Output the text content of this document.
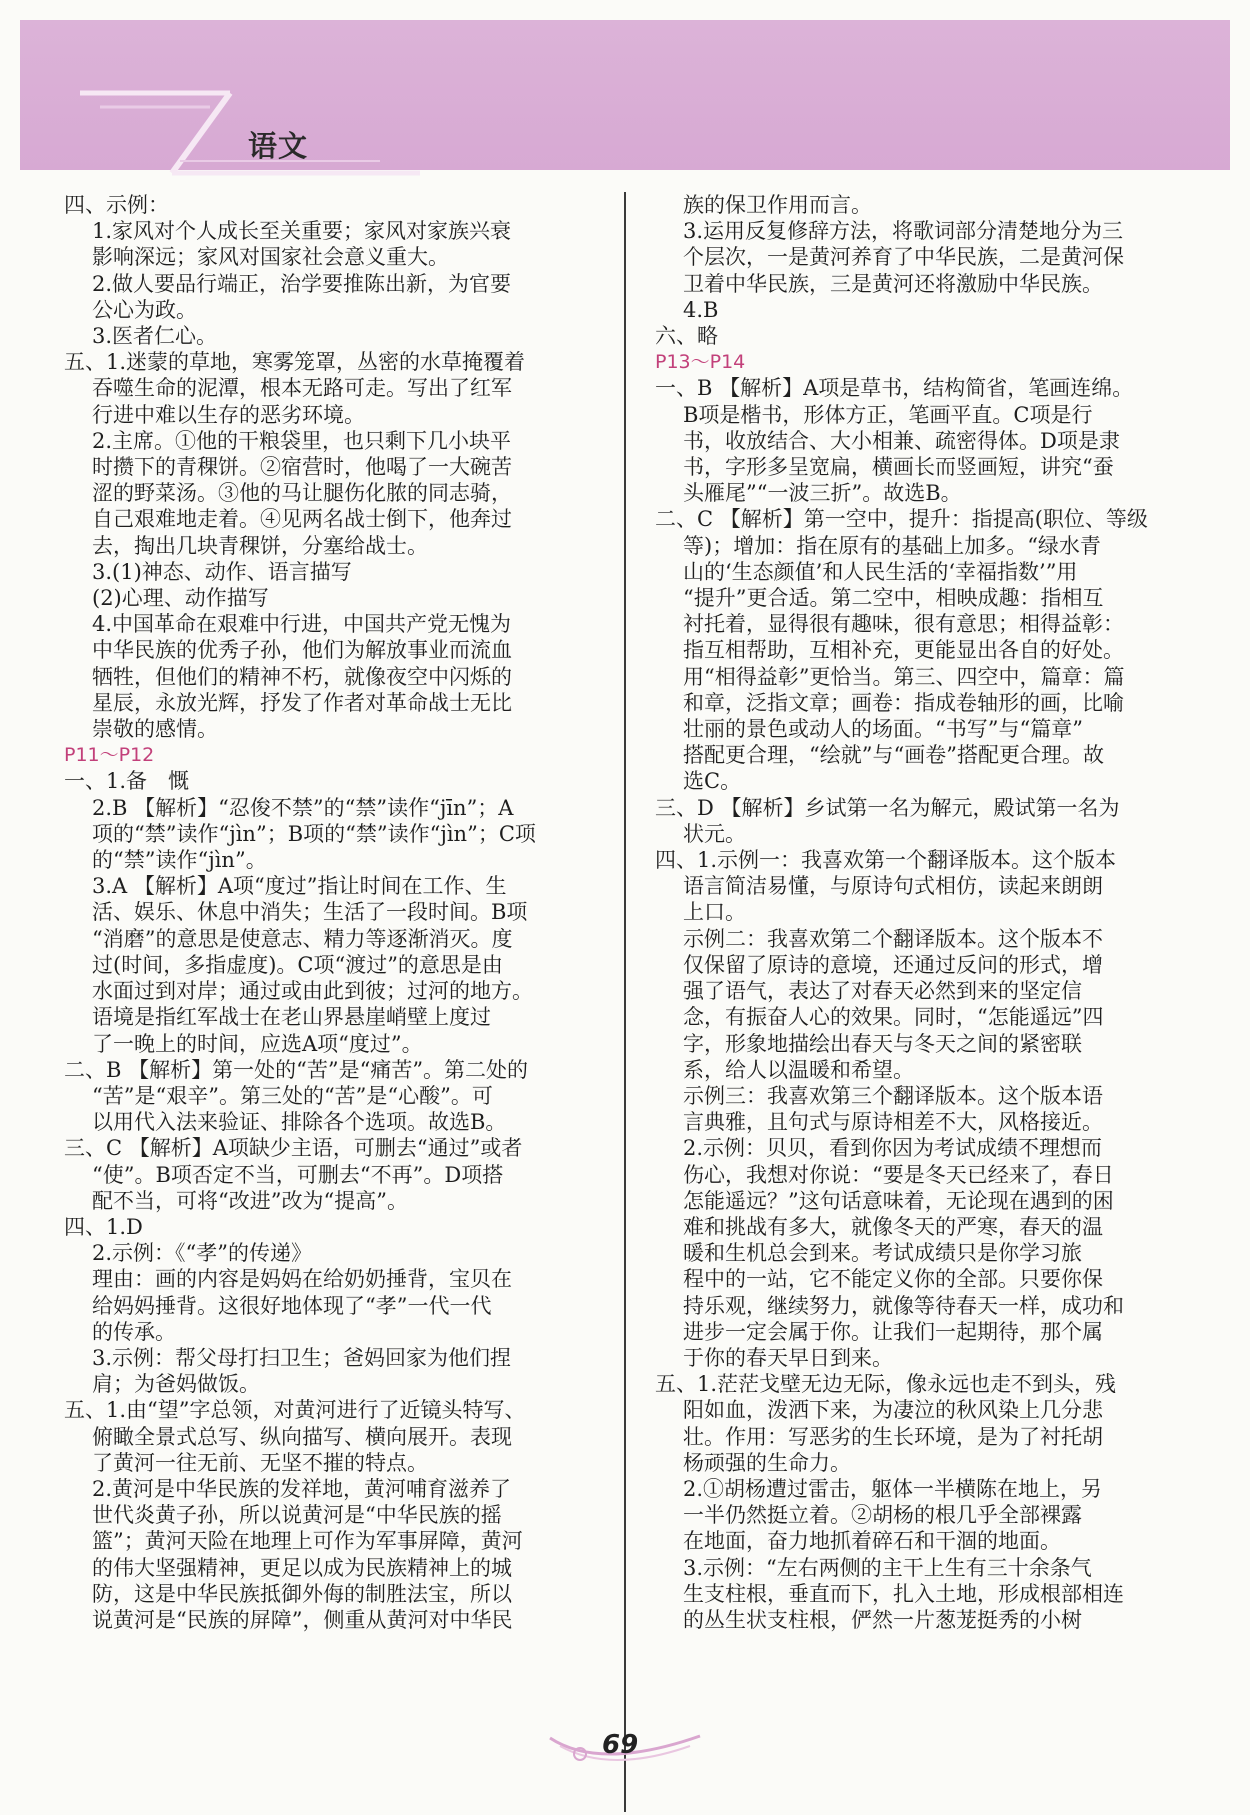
语文
四、示例：
1.家风对个人成长至关重要；家风对家族兴衰
影响深远；家风对国家社会意义重大。
2.做人要品行端正，治学要推陈出新，为官要
公心为政。
3.医者仁心。
五、1.迷蒙的草地，寒雾笼罩，丛密的水草掩覆着
吞噬生命的泥潭，根本无路可走。写出了红军
行进中难以生存的恶劣环境。
2.主席。①他的干粮袋里，也只剩下几小块平
时攒下的青稞饼。②宿营时，他喝了一大碗苦
涩的野菜汤。③他的马让腿伤化脓的同志骑，
自己艰难地走着。④见两名战士倒下，他奔过
去，掏出几块青稞饼，分塞给战士。
3.(1)神态、动作、语言描写
(2)心理、动作描写
4.中国革命在艰难中行进，中国共产党无愧为
中华民族的优秀子孙，他们为解放事业而流血
牺牲，但他们的精神不朽，就像夜空中闪烁的
星辰，永放光辉，抒发了作者对革命战士无比
崇敬的感情。
P11～P12
一、1.备　慨
2.B 【解析】“忍俊不禁”的“禁”读作“jīn”；A
项的“禁”读作“jìn”；B项的“禁”读作“jìn”；C项
的“禁”读作“jìn”。
3.A 【解析】A项“度过”指让时间在工作、生
活、娱乐、休息中消失；生活了一段时间。B项
“消磨”的意思是使意志、精力等逐渐消灭。度
过(时间，多指虚度)。C项“渡过”的意思是由
水面过到对岸；通过或由此到彼；过河的地方。
语境是指红军战士在老山界悬崖峭壁上度过
了一晚上的时间，应选A项“度过”。
二、B 【解析】第一处的“苦”是“痛苦”。第二处的
“苦”是“艰辛”。第三处的“苦”是“心酸”。可
以用代入法来验证、排除各个选项。故选B。
三、C 【解析】A项缺少主语，可删去“通过”或者
“使”。B项否定不当，可删去“不再”。D项搭
配不当，可将“改进”改为“提高”。
四、1.D
2.示例：《“孝”的传递》
理由：画的内容是妈妈在给奶奶捶背，宝贝在
给妈妈捶背。这很好地体现了“孝”一代一代
的传承。
3.示例：帮父母打扫卫生；爸妈回家为他们捏
肩；为爸妈做饭。
五、1.由“望”字总领，对黄河进行了近镜头特写、
俯瞰全景式总写、纵向描写、横向展开。表现
了黄河一往无前、无坚不摧的特点。
2.黄河是中华民族的发祥地，黄河哺育滋养了
世代炎黄子孙，所以说黄河是“中华民族的摇
篮”；黄河天险在地理上可作为军事屏障，黄河
的伟大坚强精神，更足以成为民族精神上的城
防，这是中华民族抵御外侮的制胜法宝，所以
说黄河是“民族的屏障”，侧重从黄河对中华民
族的保卫作用而言。
3.运用反复修辞方法，将歌词部分清楚地分为三
个层次，一是黄河养育了中华民族，二是黄河保
卫着中华民族，三是黄河还将激励中华民族。
4.B
六、略
P13～P14
一、B 【解析】A项是草书，结构简省，笔画连绵。
B项是楷书，形体方正，笔画平直。C项是行
书，收放结合、大小相兼、疏密得体。D项是隶
书，字形多呈宽扁，横画长而竖画短，讲究“蚕
头雁尾”“一波三折”。故选B。
二、C 【解析】第一空中，提升：指提高(职位、等级
等)；增加：指在原有的基础上加多。“绿水青
山的‘生态颜值’和人民生活的‘幸福指数’”用
“提升”更合适。第二空中，相映成趣：指相互
衬托着，显得很有趣味，很有意思；相得益彰：
指互相帮助，互相补充，更能显出各自的好处。
用“相得益彰”更恰当。第三、四空中，篇章：篇
和章，泛指文章；画卷：指成卷轴形的画，比喻
壮丽的景色或动人的场面。“书写”与“篇章”
搭配更合理，“绘就”与“画卷”搭配更合理。故
选C。
三、D 【解析】乡试第一名为解元，殿试第一名为
状元。
四、1.示例一：我喜欢第一个翻译版本。这个版本
语言简洁易懂，与原诗句式相仿，读起来朗朗
上口。
示例二：我喜欢第二个翻译版本。这个版本不
仅保留了原诗的意境，还通过反问的形式，增
强了语气，表达了对春天必然到来的坚定信
念，有振奋人心的效果。同时，“怎能遥远”四
字，形象地描绘出春天与冬天之间的紧密联
系，给人以温暖和希望。
示例三：我喜欢第三个翻译版本。这个版本语
言典雅，且句式与原诗相差不大，风格接近。
2.示例：贝贝，看到你因为考试成绩不理想而
伤心，我想对你说：“要是冬天已经来了，春日
怎能遥远？”这句话意味着，无论现在遇到的困
难和挑战有多大，就像冬天的严寒，春天的温
暖和生机总会到来。考试成绩只是你学习旅
程中的一站，它不能定义你的全部。只要你保
持乐观，继续努力，就像等待春天一样，成功和
进步一定会属于你。让我们一起期待，那个属
于你的春天早日到来。
五、1.茫茫戈壁无边无际，像永远也走不到头，残
阳如血，泼洒下来，为凄泣的秋风染上几分悲
壮。作用：写恶劣的生长环境，是为了衬托胡
杨顽强的生命力。
2.①胡杨遭过雷击，躯体一半横陈在地上，另
一半仍然挺立着。②胡杨的根几乎全部裸露
在地面，奋力地抓着碎石和干涸的地面。
3.示例：“左右两侧的主干上生有三十余条气
生支柱根，垂直而下，扎入土地，形成根部相连
的丛生状支柱根，俨然一片葱茏挺秀的小树
69
